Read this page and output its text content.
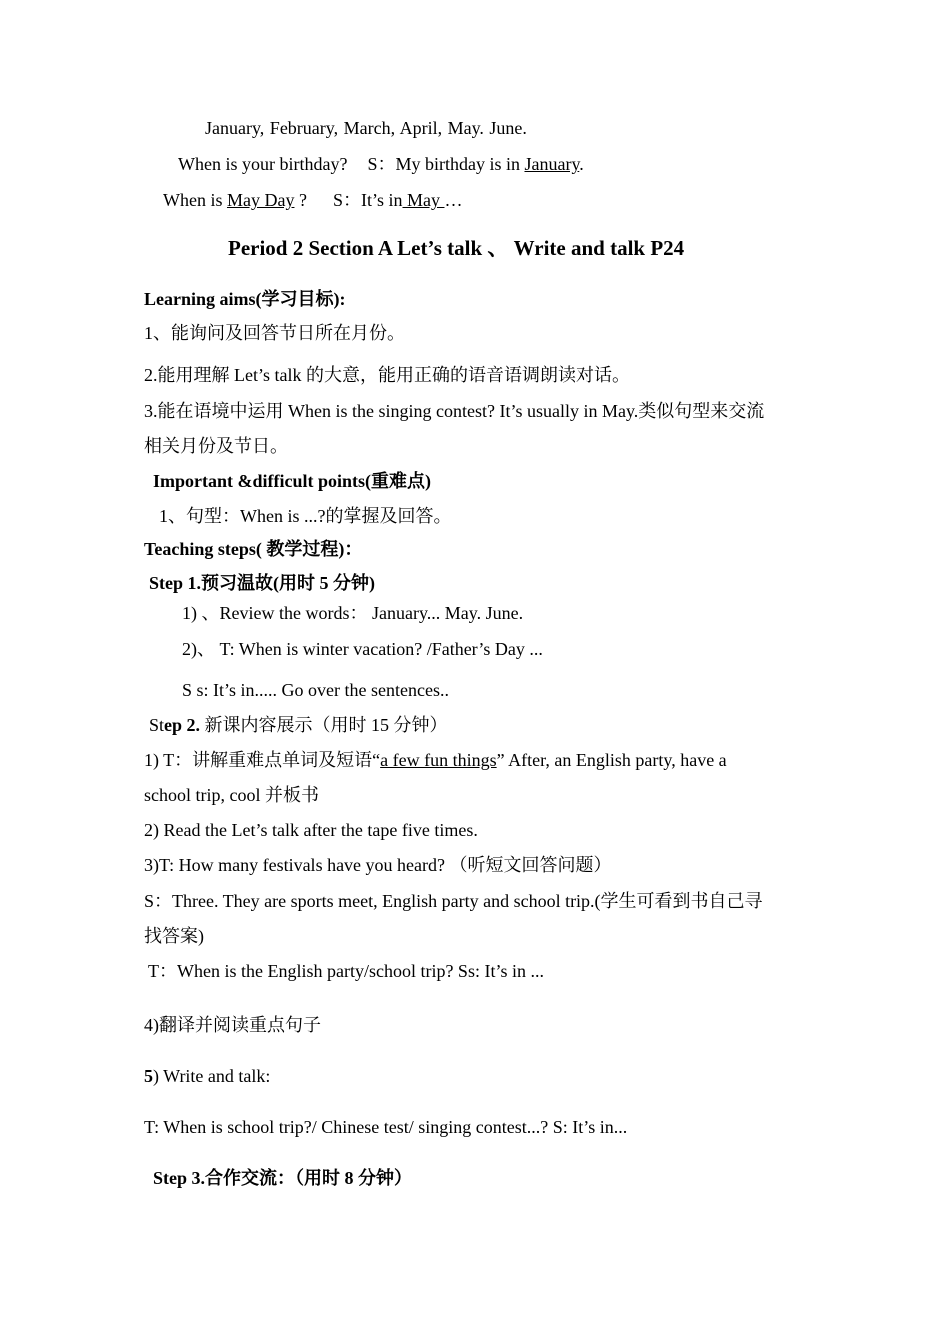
January, February, March, April, May. June.
When is your birthday? S：My birthday is in January.
When is May Day ? S：It’s in May …
Period 2 Section A Let’s talk 、 Write and talk P24
Learning aims(学习目标):
1、能询问及回答节日所在月份。
2.能用理解 Let’s talk 的大意，能用正确的语音语调朗读对话。
3.能在语境中运用 When is the singing contest? It’s usually in May.类似句型来交流
相关月份及节日。
Important &difficult points(重难点)
1、句型：When is ...?的掌握及回答。
Teaching steps( 教学过程)：
Step 1.预习温故(用时 5 分钟)
1) 、Review the words： January... May. June.
2)、 T: When is winter vacation? /Father’s Day ...
S s: It’s in..... Go over the sentences..
Step 2. 新课内容展示（用时 15 分钟）
1) T：讲解重难点单词及短语“a few fun things” After, an English party, have a
school trip, cool 并板书
2) Read the Let’s talk after the tape five times.
3)T: How many festivals have you heard? （听短文回答问题）
S：Three. They are sports meet, English party and school trip.(学生可看到书自己寻
找答案)
T：When is the English party/school trip? Ss: It’s in ...
4)翻译并阅读重点句子
5) Write and talk:
T: When is school trip?/ Chinese test/ singing contest...? S: It’s in...
Step 3.合作交流：（用时 8 分钟）
